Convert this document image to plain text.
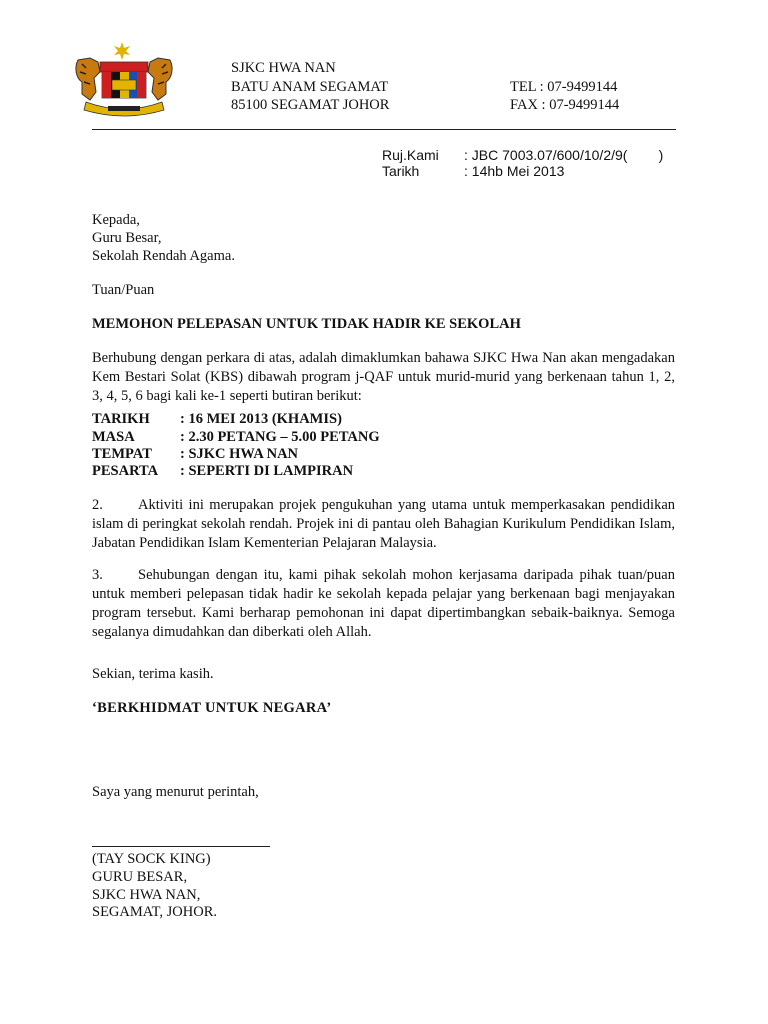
SJKC HWA NAN
BATU ANAM SEGAMAT
85100 SEGAMAT JOHOR
TEL : 07-9499144
FAX : 07-9499144
Ruj.Kami : JBC 7003.07/600/10/2/9(        )
Tarikh	: 14hb Mei 2013
Kepada,
Guru Besar,
Sekolah Rendah Agama.
Tuan/Puan
MEMOHON PELEPASAN UNTUK TIDAK HADIR KE SEKOLAH
Berhubung dengan perkara di atas, adalah dimaklumkan bahawa SJKC Hwa Nan akan mengadakan Kem Bestari Solat (KBS) dibawah program j-QAF untuk murid-murid yang berkenaan tahun 1, 2, 3, 4, 5, 6 bagi kali ke-1 seperti butiran berikut:
TARIKH : 16 MEI 2013 (KHAMIS)
MASA	: 2.30 PETANG – 5.00 PETANG
TEMPAT : SJKC HWA NAN
PESARTA : SEPERTI DI LAMPIRAN
2. Aktiviti ini merupakan projek pengukuhan yang utama untuk memperkasakan pendidikan islam di peringkat sekolah rendah. Projek ini di pantau oleh Bahagian Kurikulum Pendidikan Islam, Jabatan Pendidikan Islam Kementerian Pelajaran Malaysia.
3. Sehubungan dengan itu, kami pihak sekolah mohon kerjasama daripada pihak tuan/puan untuk memberi pelepasan tidak hadir ke sekolah kepada pelajar yang berkenaan bagi menjayakan program tersebut. Kami berharap pemohonan ini dapat dipertimbangkan sebaik-baiknya. Semoga segalanya dimudahkan dan diberkati oleh Allah.
Sekian, terima kasih.
‘BERKHIDMAT UNTUK NEGARA’
Saya yang menurut perintah,
(TAY SOCK KING)
GURU BESAR,
SJKC HWA NAN,
SEGAMAT, JOHOR.
